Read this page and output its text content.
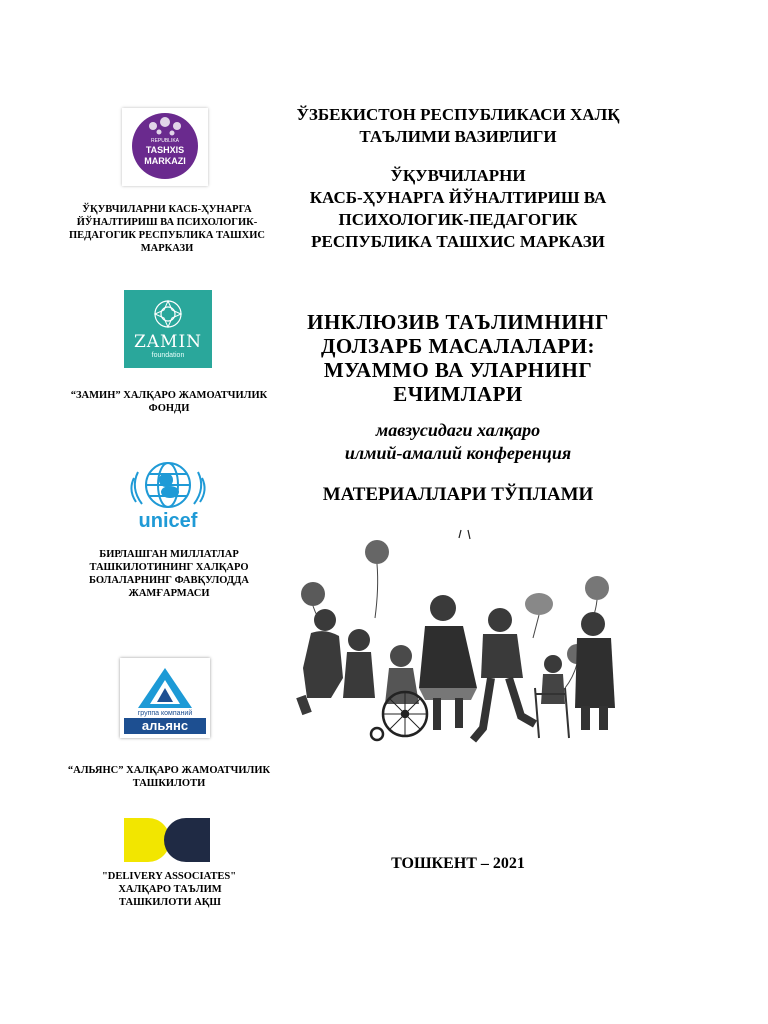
REPUBLIKA
TASHXIS
MARKAZI
ЎҚУВЧИЛАРНИ КАСБ-ҲУНАРГА ЙЎНАЛТИРИШ ВА ПСИХОЛОГИК-ПЕДАГОГИК РЕСПУБЛИКА ТАШХИС МАРКАЗИ
ZAMIN
foundation
“ЗАМИН” ХАЛҚАРО ЖАМОАТЧИЛИК ФОНДИ
unicef
БИРЛАШГАН МИЛЛАТЛАР ТАШКИЛОТИНИНГ ХАЛҚАРО БОЛАЛАРНИНГ ФАВҚУЛОДДА ЖАМҒАРМАСИ
группа компаний
альянс
“АЛЬЯНС” ХАЛҚАРО ЖАМОАТЧИЛИК ТАШКИЛОТИ
"DELIVERY ASSOCIATES"
ХАЛҚАРО ТАЪЛИМ ТАШКИЛОТИ АҚШ
ЎЗБЕКИСТОН РЕСПУБЛИКАСИ ХАЛҚ
ТАЪЛИМИ ВАЗИРЛИГИ
ЎҚУВЧИЛАРНИ
КАСБ-ҲУНАРГА ЙЎНАЛТИРИШ ВА
ПСИХОЛОГИК-ПЕДАГОГИК
РЕСПУБЛИКА ТАШХИС МАРКАЗИ
ИНКЛЮЗИВ ТАЪЛИМНИНГ
ДОЛЗАРБ МАСАЛАЛАРИ:
МУАММО ВА УЛАРНИНГ
ЕЧИМЛАРИ
мавзусидаги халқаро
илмий-амалий конференция
МАТЕРИАЛЛАРИ ТЎПЛАМИ
ТОШКЕНТ – 2021
